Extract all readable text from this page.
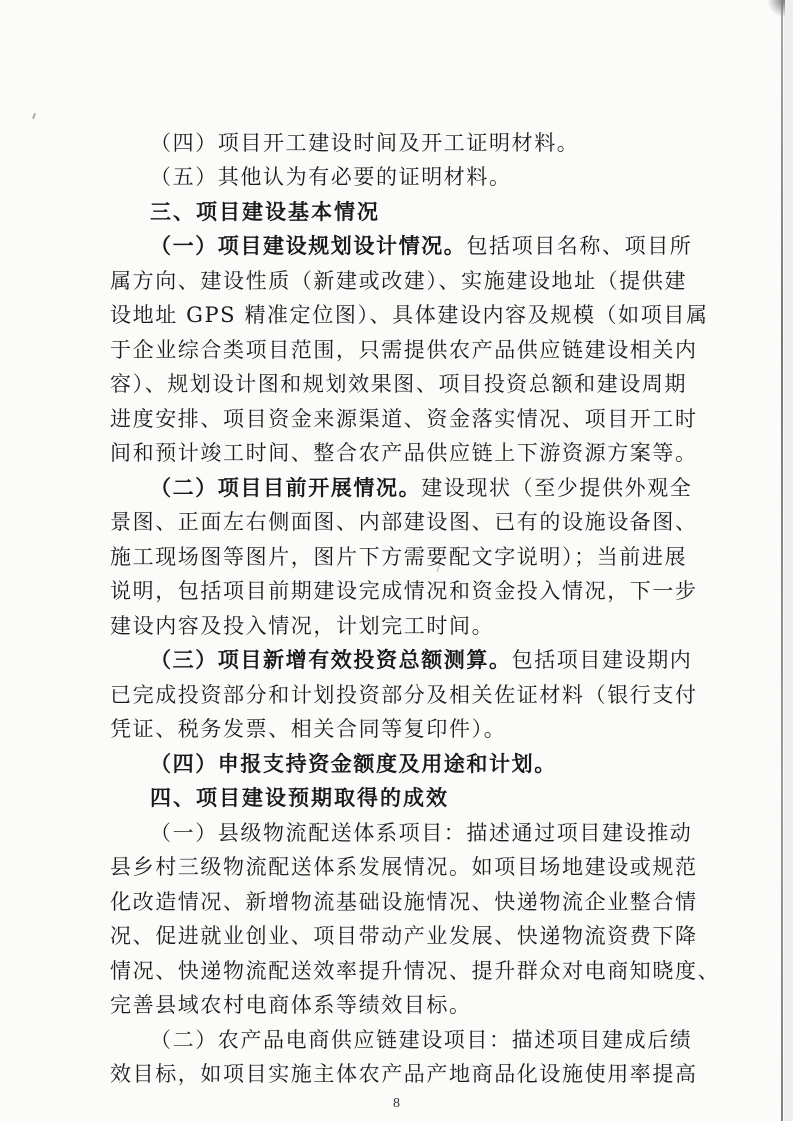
（四）项目开工建设时间及开工证明材料。
（五）其他认为有必要的证明材料。
三、项目建设基本情况
（一）项目建设规划设计情况。包括项目名称、项目所
属方向、建设性质（新建或改建）、实施建设地址（提供建
设地址 GPS 精准定位图）、具体建设内容及规模（如项目属
于企业综合类项目范围，只需提供农产品供应链建设相关内
容）、规划设计图和规划效果图、项目投资总额和建设周期
进度安排、项目资金来源渠道、资金落实情况、项目开工时
间和预计竣工时间、整合农产品供应链上下游资源方案等。
（二）项目目前开展情况。建设现状（至少提供外观全
景图、正面左右侧面图、内部建设图、已有的设施设备图、
施工现场图等图片，图片下方需要配文字说明）；当前进展
说明，包括项目前期建设完成情况和资金投入情况，下一步
建设内容及投入情况，计划完工时间。
（三）项目新增有效投资总额测算。包括项目建设期内
已完成投资部分和计划投资部分及相关佐证材料（银行支付
凭证、税务发票、相关合同等复印件）。
（四）申报支持资金额度及用途和计划。
四、项目建设预期取得的成效
（一）县级物流配送体系项目：描述通过项目建设推动
县乡村三级物流配送体系发展情况。如项目场地建设或规范
化改造情况、新增物流基础设施情况、快递物流企业整合情
况、促进就业创业、项目带动产业发展、快递物流资费下降
情况、快递物流配送效率提升情况、提升群众对电商知晓度、
完善县域农村电商体系等绩效目标。
（二）农产品电商供应链建设项目：描述项目建成后绩
效目标，如项目实施主体农产品产地商品化设施使用率提高
8
